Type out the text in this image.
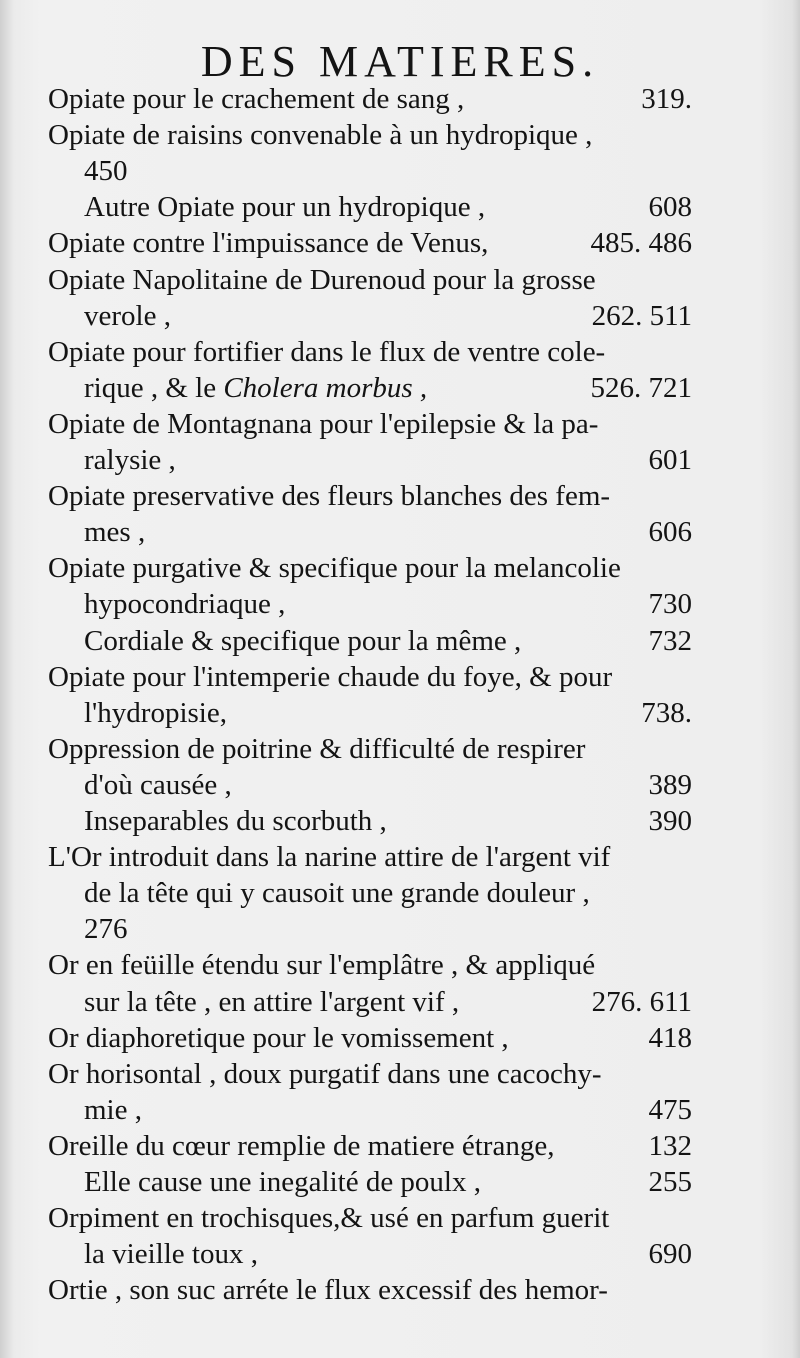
DES MATIERES.
Opiate pour le crachement de sang ,	319.
Opiate de raisins convenable à un hydropique ,
450
Autre Opiate pour un hydropique ,	608
Opiate contre l'impuissance de Venus,	485. 486
Opiate Napolitaine de Durenoud pour la grosse
verole ,	262. 511
Opiate pour fortifier dans le flux de ventre cole-
rique , & le Cholera morbus ,	526. 721
Opiate de Montagnana pour l'epilepsie & la pa-
ralysie ,	601
Opiate preservative des fleurs blanches des fem-
mes ,	606
Opiate purgative & specifique pour la melancolie
hypocondriaque ,	730
Cordiale & specifique pour la même ,	732
Opiate pour l'intemperie chaude du foye, & pour
l'hydropisie,	738.
Oppression de poitrine & difficulté de respirer
d'où causée ,	389
Inseparables du scorbuth ,	390
L'Or introduit dans la narine attire de l'argent vif
de la tête qui y causoit une grande douleur ,
276
Or en feüille étendu sur l'emplâtre , & appliqué
sur la tête , en attire l'argent vif ,	276. 611
Or diaphoretique pour le vomissement ,	418
Or horisontal , doux purgatif dans une cacochy-
mie ,	475
Oreille du cœur remplie de matiere étrange,	132
Elle cause une inegalité de poulx ,	255
Orpiment en trochisques,& usé en parfum guerit
la vieille toux ,	690
Ortie , son suc arréte le flux excessif des hemor-
